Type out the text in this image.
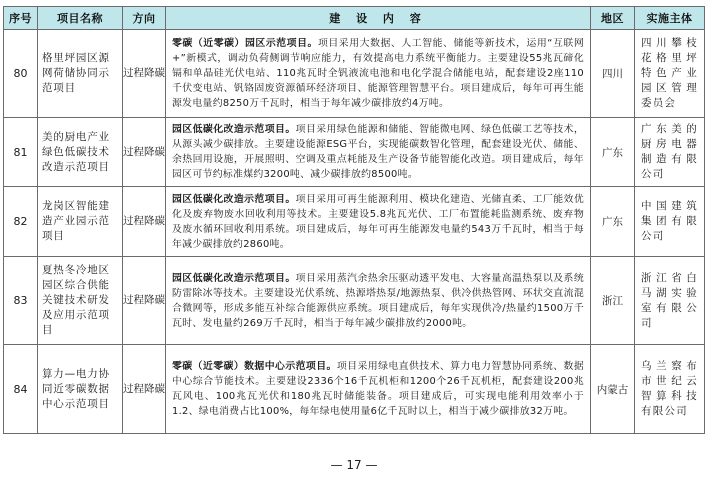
序号	项目名称	方向	建 设 内 容	地区	实施主体
80	格里坪园区源网荷储协同示范项目	过程降碳	零碳（近零碳）园区示范项目。项目采用大数据、人工智能、储能等新技术，运用“互联网+”新模式，调动负荷侧调节响应能力，有效提高电力系统平衡能力。主要建设55兆瓦碲化镉和单晶硅光伏电站、110兆瓦时全钒液流电池和电化学混合储能电站，配套建设2座110千伏变电站、钒铬固废资源循环经济项目、能源管理智慧平台。项目建成后，每年可再生能源发电量约8250万千瓦时，相当于每年减少碳排放约4万吨。	四川	四川攀枝花格里坪特色产业园区管理委员会
81	美的厨电产业绿色低碳技术改造示范项目	过程降碳	园区低碳化改造示范项目。项目采用绿色能源和储能、智能微电网、绿色低碳工艺等技术，从源头减少碳排放。主要建设能源ESG平台，实现能碳数智化管理，配套建设光伏、储能、余热回用设施，开展照明、空调及重点耗能及生产设备节能智能化改造。项目建成后，每年园区可节约标准煤约3200吨、减少碳排放约8500吨。	广东	广东美的厨房电器制造有限公司
82	龙岗区智能建造产业园示范项目	过程降碳	园区低碳化改造示范项目。项目采用可再生能源利用、模块化建造、光储直柔、工厂能效优化及废弃物废水回收利用等技术。主要建设5.8兆瓦光伏、工厂布置能耗监测系统、废弃物及废水循环回收利用系统。项目建成后，每年可再生能源发电量约543万千瓦时，相当于每年减少碳排放约2860吨。	广东	中国建筑集团有限公司
83	夏热冬冷地区园区综合供能关键技术研发及应用示范项目	过程降碳	园区低碳化改造示范项目。项目采用蒸汽余热余压驱动透平发电、大容量高温热泵以及系统防雷除冰等技术。主要建设光伏系统、热源塔热泵/地源热泵、供冷供热管网、环状交直流混合微网等，形成多能互补综合能源供应系统。项目建成后，每年实现供冷/热量约1500万千瓦时、发电量约269万千瓦时，相当于每年减少碳排放约2000吨。	浙江	浙江省白马湖实验室有限公司
84	算力—电力协同近零碳数据中心示范项目	过程降碳	零碳（近零碳）数据中心示范项目。项目采用绿电直供技术、算力电力智慧协同系统、数据中心综合节能技术。主要建设2336个16千瓦机柜和1200个26千瓦机柜，配套建设200兆瓦风电、100兆瓦光伏和180兆瓦时储能装备。项目建成后，可实现电能利用效率小于1.2、绿电消费占比100%，每年绿电使用量6亿千瓦时以上，相当于减少碳排放32万吨。	内蒙古	乌兰察布市世纪云智算科技有限公司
— 17 —
